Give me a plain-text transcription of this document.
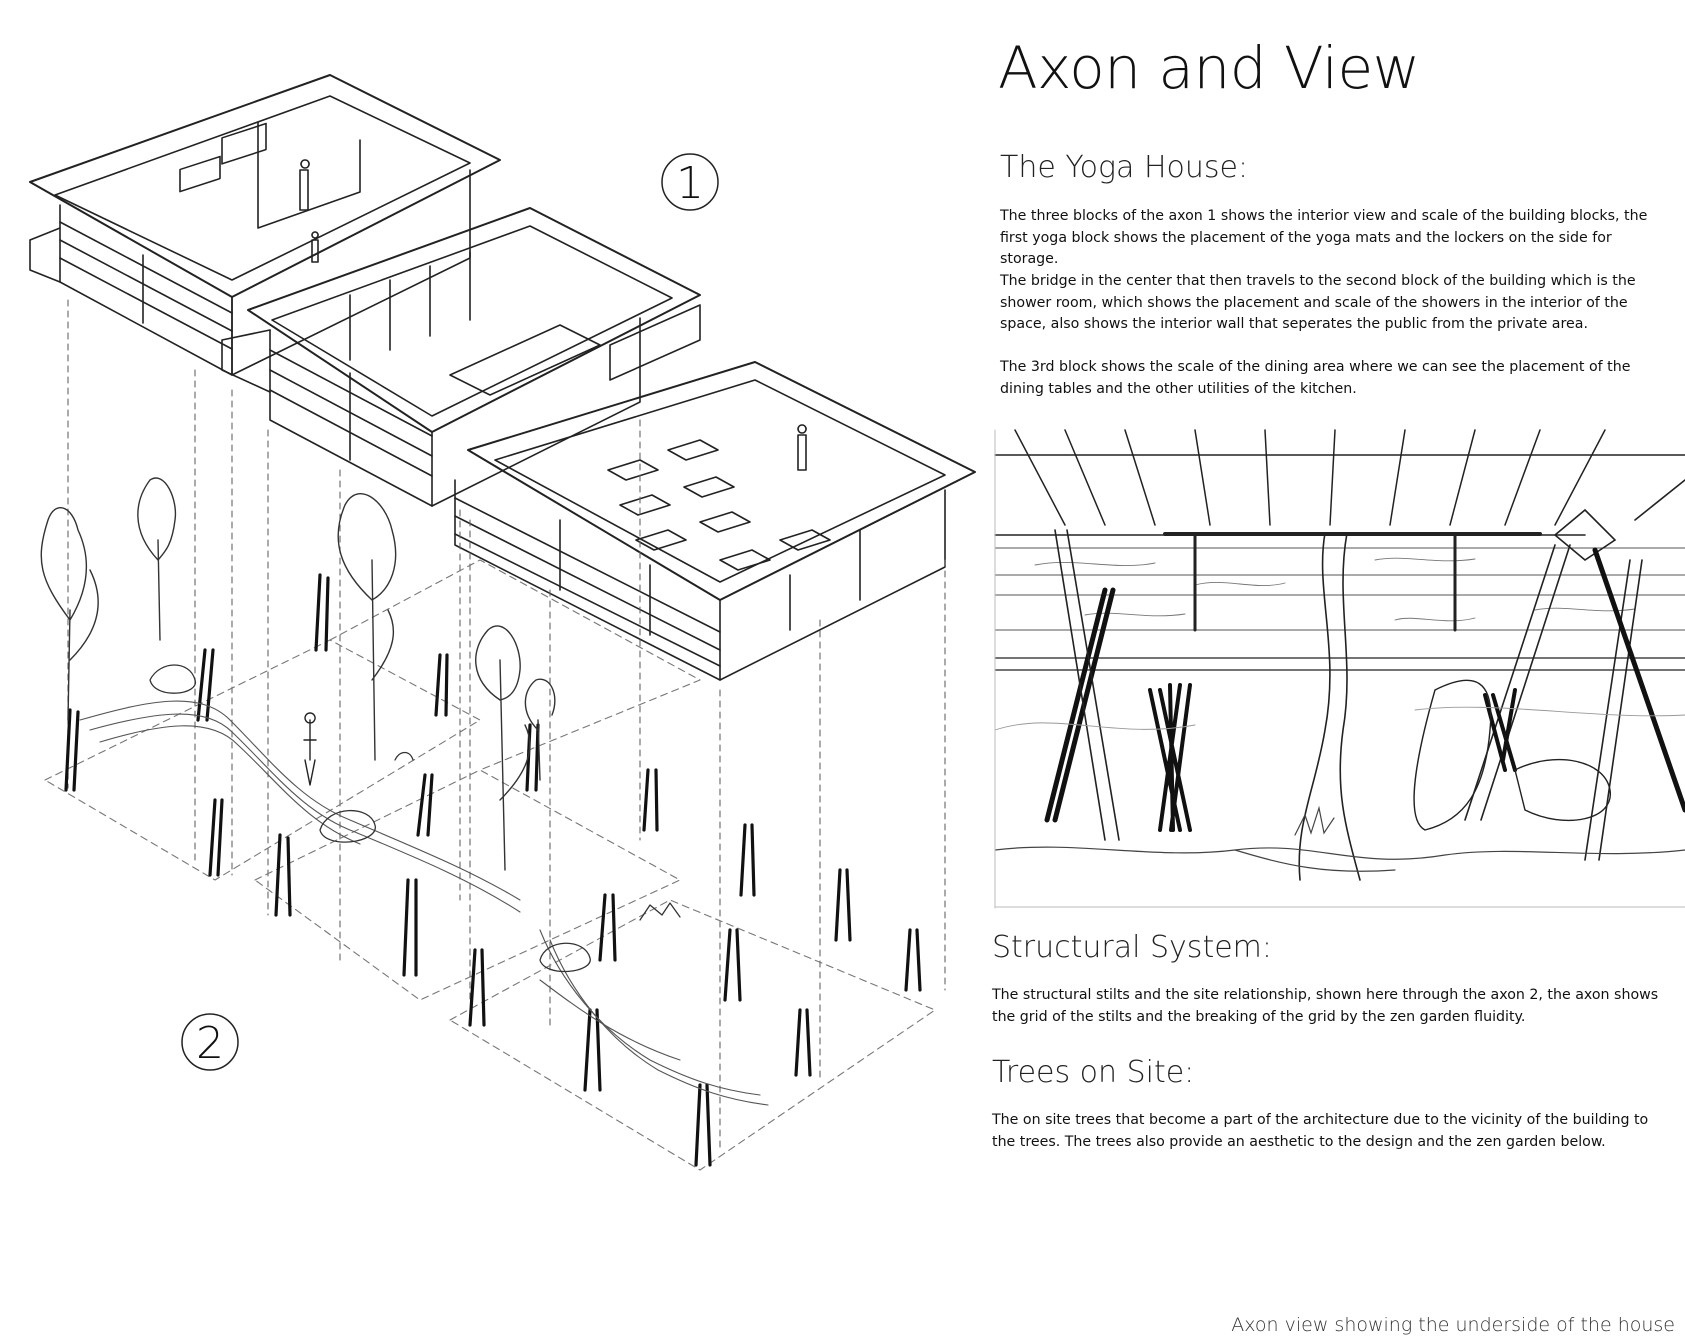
1
2
Axon and View
The Yoga House:

The three blocks of the axon 1 shows the interior view and scale of the building blocks, the first yoga block shows the placement of the yoga mats and the lockers on the side for storage.

The bridge in the center that then travels to the second block of the building which is the shower room, which shows the placement and scale of the showers in the interior of the space, also shows the interior wall that seperates the public from the private area.

The 3rd block shows the scale of the dining area where we can see the placement of the dining tables and the other utilities of the kitchen.

Axon view showing the underside of the house
Structural System:

The structural stilts and the site relationship, shown here through the axon 2, the axon shows the grid of the stilts and the breaking of the grid by the zen garden fluidity.

Trees on Site:

The on site trees that become a part of the architecture due to the vicinity of the building to the trees. The trees also provide an aesthetic to the design and the zen garden below.
